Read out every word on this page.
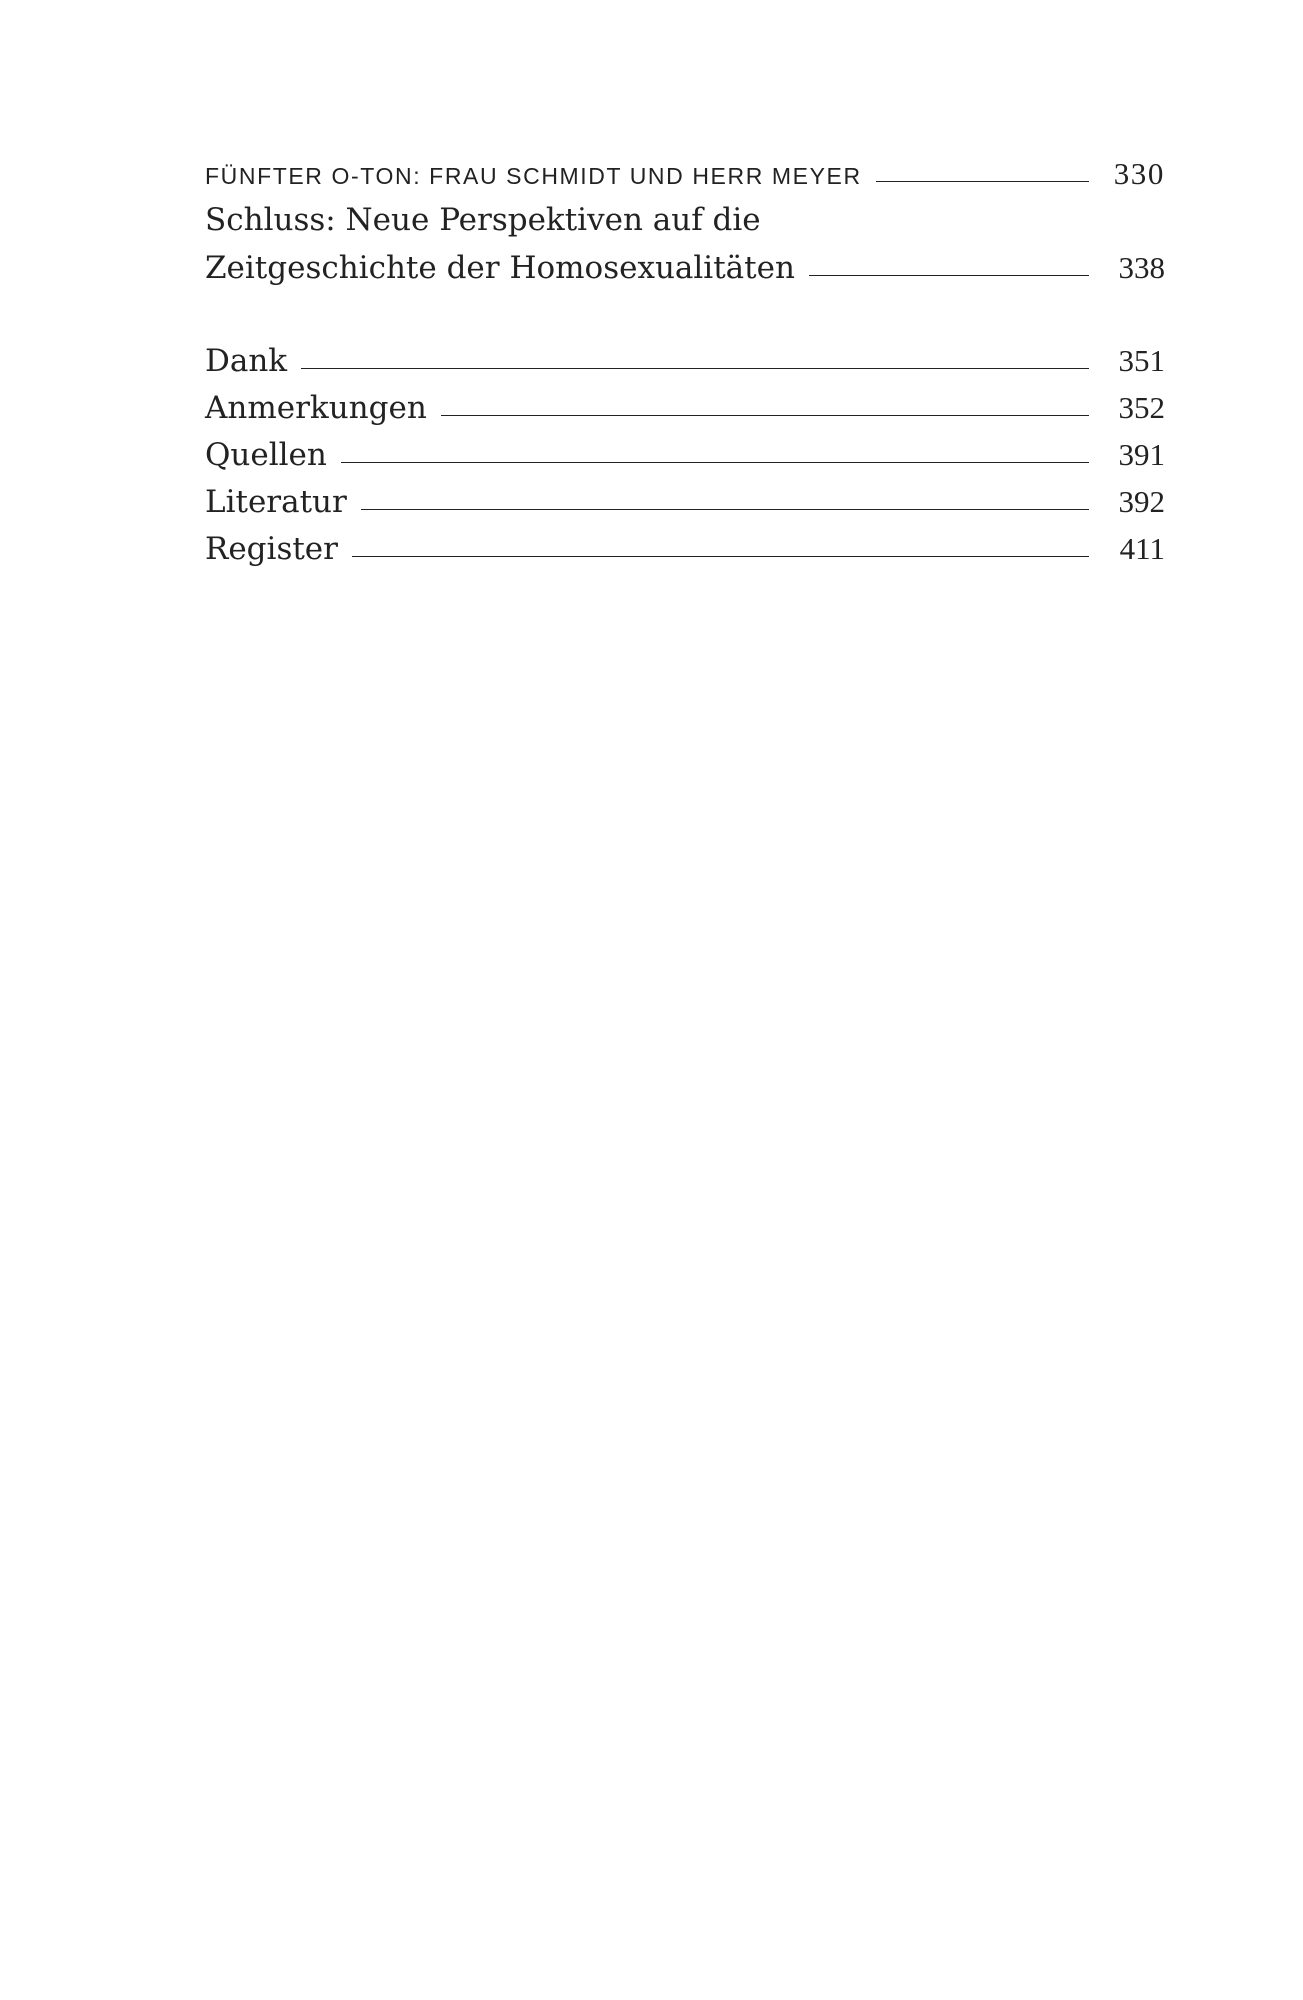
FÜNFTER O-TON: FRAU SCHMIDT UND HERR MEYER	330
Schluss: Neue Perspektiven auf die
Zeitgeschichte der Homosexualitäten	338
Dank	351
Anmerkungen	352
Quellen	391
Literatur	392
Register	411
